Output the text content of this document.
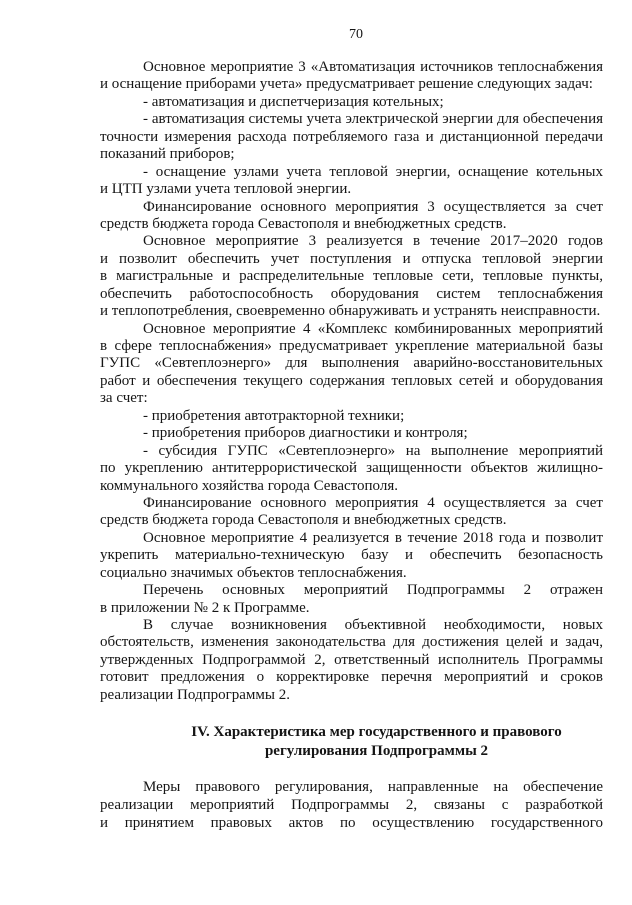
70
Основное мероприятие 3 «Автоматизация источников теплоснабжения
и оснащение приборами учета» предусматривает решение следующих задач:
- автоматизация и диспетчеризация котельных;
- автоматизация системы учета электрической энергии для обеспечения
точности измерения расхода потребляемого газа и дистанционной передачи
показаний приборов;
- оснащение узлами учета тепловой энергии, оснащение котельных
и ЦТП узлами учета тепловой энергии.
Финансирование основного мероприятия 3 осуществляется за счет
средств бюджета города Севастополя и внебюджетных средств.
Основное мероприятие 3 реализуется в течение 2017–2020 годов
и позволит обеспечить учет поступления и отпуска тепловой энергии
в магистральные и распределительные тепловые сети, тепловые пункты,
обеспечить работоспособность оборудования систем теплоснабжения
и теплопотребления, своевременно обнаруживать и устранять неисправности.
Основное мероприятие 4 «Комплекс комбинированных мероприятий
в сфере теплоснабжения» предусматривает укрепление материальной базы
ГУПС «Севтеплоэнерго» для выполнения аварийно-восстановительных
работ и обеспечения текущего содержания тепловых сетей и оборудования
за счет:
- приобретения автотракторной техники;
- приобретения приборов диагностики и контроля;
- субсидия ГУПС «Севтеплоэнерго» на выполнение мероприятий
по укреплению антитеррористической защищенности объектов жилищно-
коммунального хозяйства города Севастополя.
Финансирование основного мероприятия 4 осуществляется за счет
средств бюджета города Севастополя и внебюджетных средств.
Основное мероприятие 4 реализуется в течение 2018 года и позволит
укрепить материально-техническую базу и обеспечить безопасность
социально значимых объектов теплоснабжения.
Перечень основных мероприятий Подпрограммы 2 отражен
в приложении № 2 к Программе.
В случае возникновения объективной необходимости, новых
обстоятельств, изменения законодательства для достижения целей и задач,
утвержденных Подпрограммой 2, ответственный исполнитель Программы
готовит предложения о корректировке перечня мероприятий и сроков
реализации Подпрограммы 2.
IV. Характеристика мер государственного и правового
регулирования Подпрограммы 2
Меры правового регулирования, направленные на обеспечение
реализации мероприятий Подпрограммы 2, связаны с разработкой
и принятием правовых актов по осуществлению государственного
